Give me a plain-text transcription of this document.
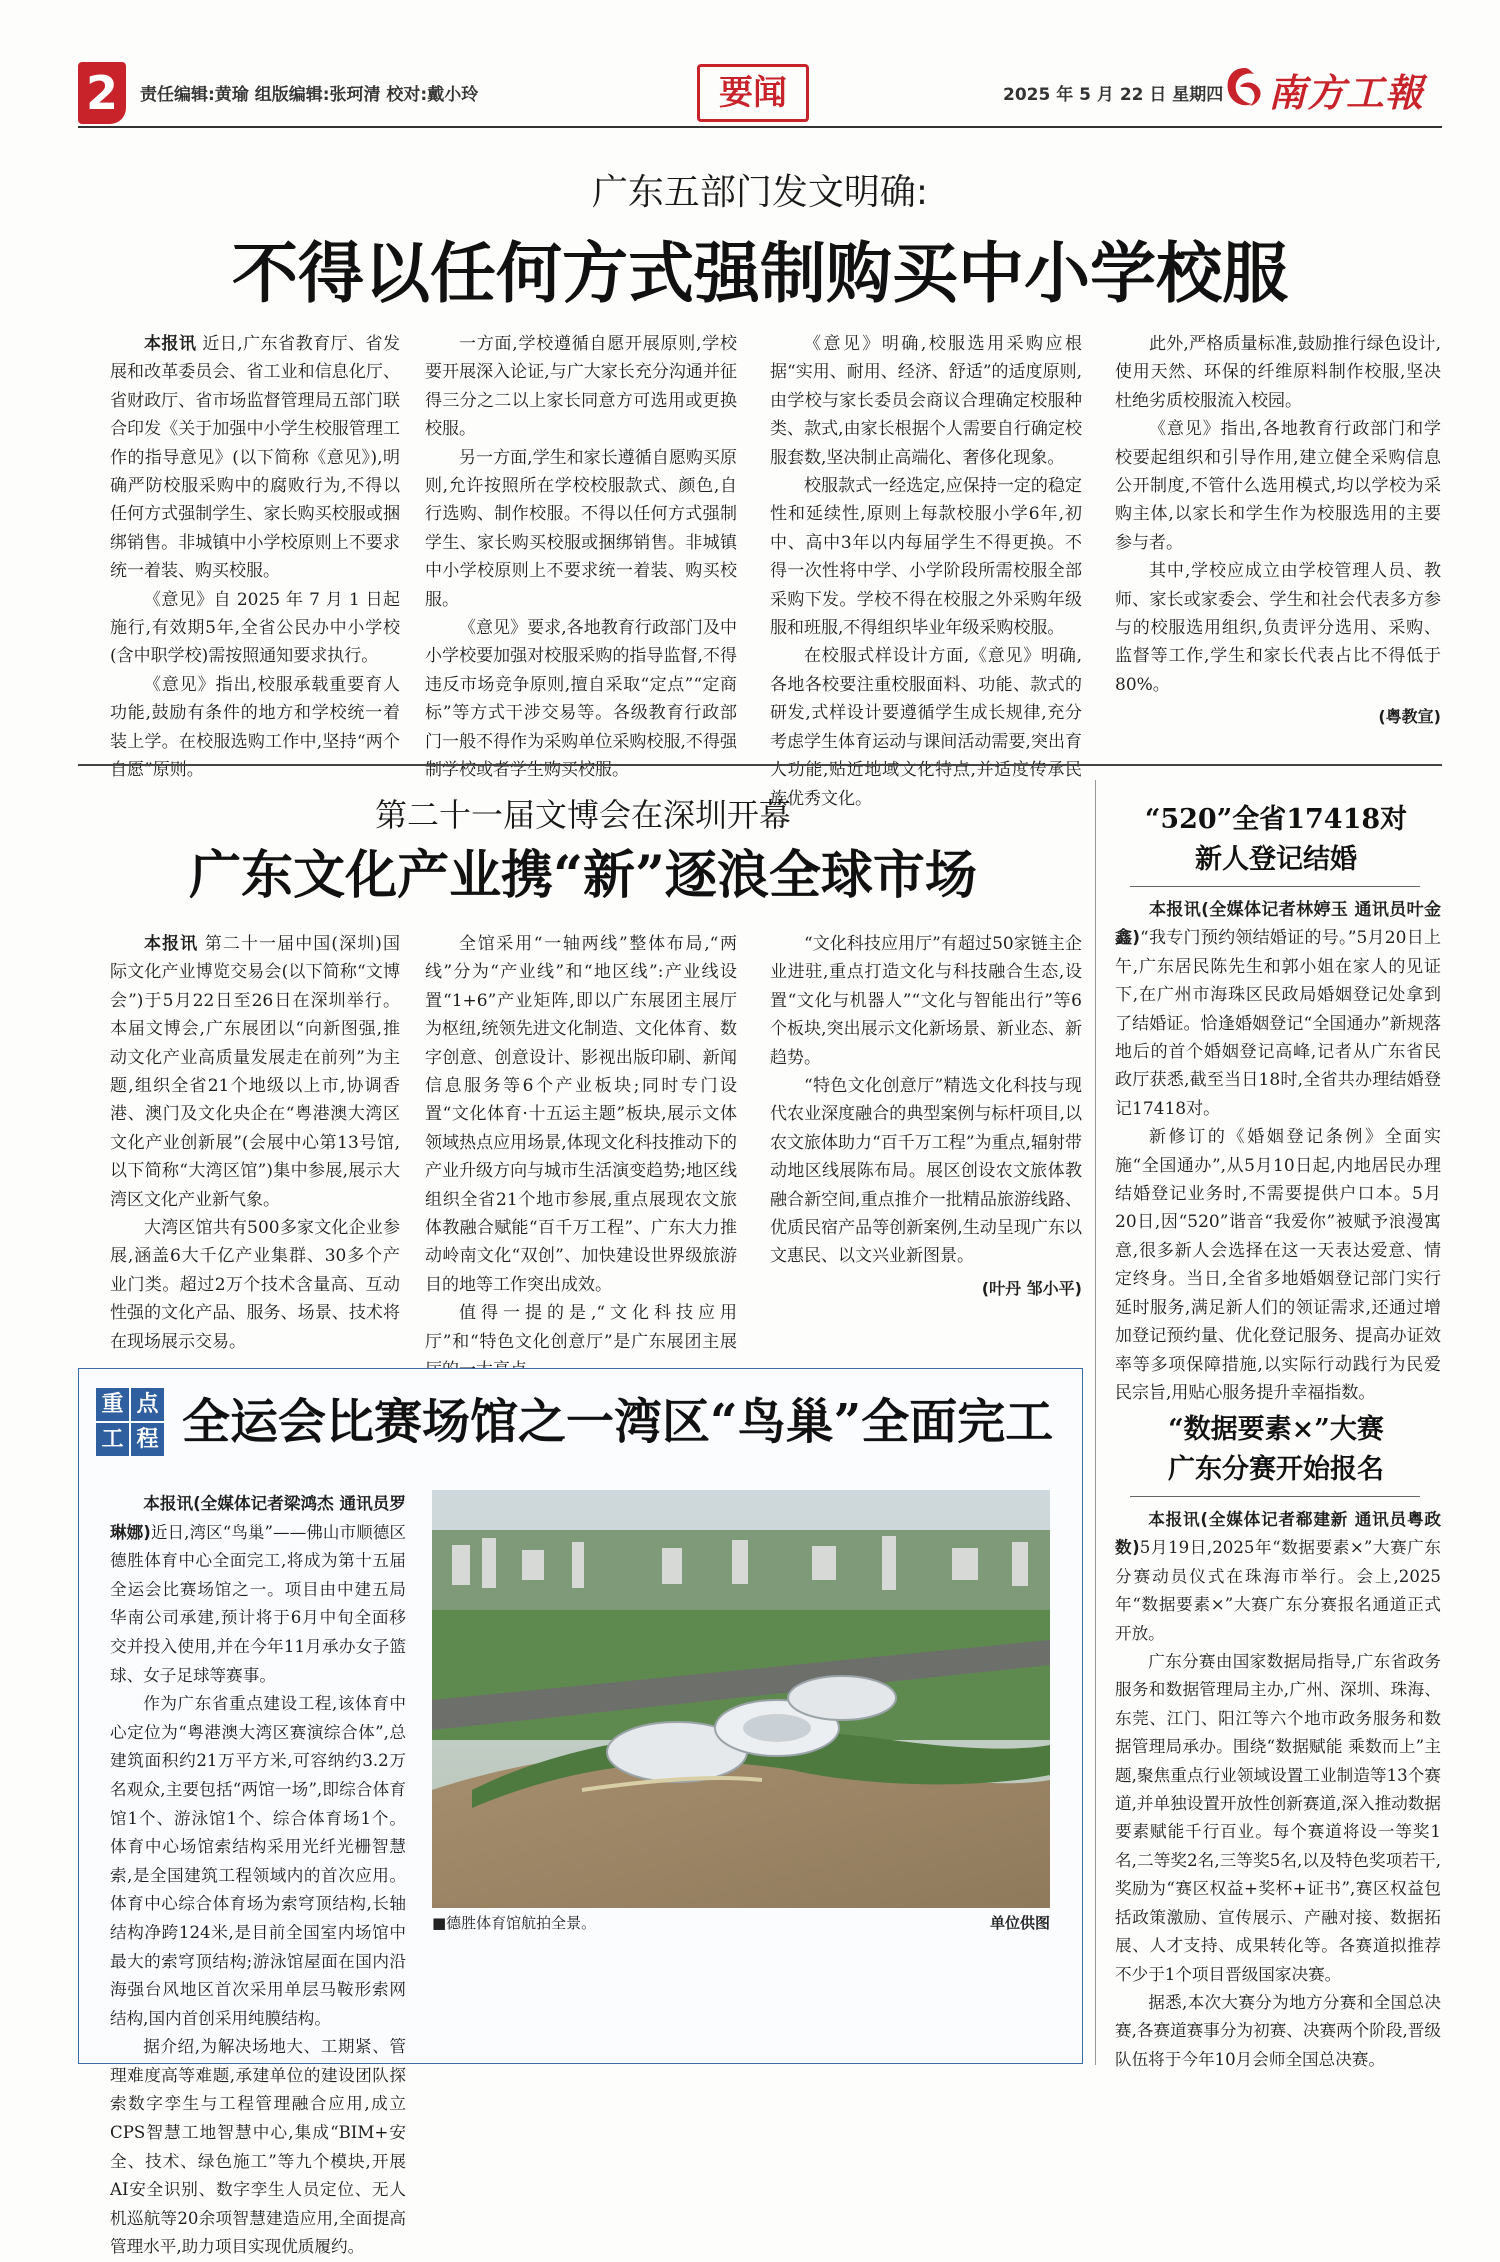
2	责任编辑:黄瑜 组版编辑:张珂清 校对:戴小玲	要闻	2025 年 5 月 22 日 星期四 南方工報
广东五部门发文明确:
不得以任何方式强制购买中小学校服

本报讯 近日,广东省教育厅、省发展和改革委员会、省工业和信息化厅、省财政厅、省市场监督管理局五部门联合印发《关于加强中小学生校服管理工作的指导意见》(以下简称《意见》),明确严防校服采购中的腐败行为,不得以任何方式强制学生、家长购买校服或捆绑销售。非城镇中小学校原则上不要求统一着装、购买校服。

《意见》自 2025 年 7 月 1 日起施行,有效期5年,全省公民办中小学校(含中职学校)需按照通知要求执行。

《意见》指出,校服承载重要育人功能,鼓励有条件的地方和学校统一着装上学。在校服选购工作中,坚持“两个自愿”原则。

一方面,学校遵循自愿开展原则,学校要开展深入论证,与广大家长充分沟通并征得三分之二以上家长同意方可选用或更换校服。

另一方面,学生和家长遵循自愿购买原则,允许按照所在学校校服款式、颜色,自行选购、制作校服。不得以任何方式强制学生、家长购买校服或捆绑销售。非城镇中小学校原则上不要求统一着装、购买校服。

《意见》要求,各地教育行政部门及中小学校要加强对校服采购的指导监督,不得违反市场竞争原则,擅自采取“定点”“定商标”等方式干涉交易等。各级教育行政部门一般不得作为采购单位采购校服,不得强制学校或者学生购买校服。

《意见》明确,校服选用采购应根据“实用、耐用、经济、舒适”的适度原则,由学校与家长委员会商议合理确定校服种类、款式,由家长根据个人需要自行确定校服套数,坚决制止高端化、奢侈化现象。

校服款式一经选定,应保持一定的稳定性和延续性,原则上每款校服小学6年,初中、高中3年以内每届学生不得更换。不得一次性将中学、小学阶段所需校服全部采购下发。学校不得在校服之外采购年级服和班服,不得组织毕业年级采购校服。

在校服式样设计方面,《意见》明确,各地各校要注重校服面料、功能、款式的研发,式样设计要遵循学生成长规律,充分考虑学生体育运动与课间活动需要,突出育人功能,贴近地域文化特点,并适度传承民族优秀文化。

此外,严格质量标准,鼓励推行绿色设计,使用天然、环保的纤维原料制作校服,坚决杜绝劣质校服流入校园。

《意见》指出,各地教育行政部门和学校要起组织和引导作用,建立健全采购信息公开制度,不管什么选用模式,均以学校为采购主体,以家长和学生作为校服选用的主要参与者。

其中,学校应成立由学校管理人员、教师、家长或家委会、学生和社会代表多方参与的校服选用组织,负责评分选用、采购、监督等工作,学生和家长代表占比不得低于80%。

(粤教宣)
第二十一届文博会在深圳开幕
广东文化产业携“新”逐浪全球市场

本报讯 第二十一届中国(深圳)国际文化产业博览交易会(以下简称“文博会”)于5月22日至26日在深圳举行。本届文博会,广东展团以“向新图强,推动文化产业高质量发展走在前列”为主题,组织全省21个地级以上市,协调香港、澳门及文化央企在“粤港澳大湾区文化产业创新展”(会展中心第13号馆,以下简称“大湾区馆”)集中参展,展示大湾区文化产业新气象。

大湾区馆共有500多家文化企业参展,涵盖6大千亿产业集群、30多个产业门类。超过2万个技术含量高、互动性强的文化产品、服务、场景、技术将在现场展示交易。

全馆采用“一轴两线”整体布局,“两线”分为“产业线”和“地区线”:产业线设置“1+6”产业矩阵,即以广东展团主展厅为枢纽,统领先进文化制造、文化体育、数字创意、创意设计、影视出版印刷、新闻信息服务等6个产业板块;同时专门设置“文化体育·十五运主题”板块,展示文体领域热点应用场景,体现文化科技推动下的产业升级方向与城市生活演变趋势;地区线组织全省21个地市参展,重点展现农文旅体教融合赋能“百千万工程”、广东大力推动岭南文化“双创”、加快建设世界级旅游目的地等工作突出成效。

值得一提的是,“文化科技应用厅”和“特色文化创意厅”是广东展团主展

“文化科技应用厅”有超过50家链主企业进驻,重点打造文化与科技融合生态,设置“文化与机器人”“文化与智能出行”等6个板块,突出展示文化新场景、新业态、新趋势。

“特色文化创意厅”精选文化科技与现代农业深度融合的典型案例与标杆项目,以农文旅体助力“百千万工程”为重点,辐射带动地区线展陈布局。展区创设农文旅体教融合新空间,重点推介一批精品旅游线路、优质民宿产品等创新案例,生动呈现广东以文惠民、以文兴业新图景。

(叶丹 邹小平)
“520”全省17418对
新人登记结婚

本报讯(全媒体记者林婷玉 通讯员叶金鑫)“我专门预约领结婚证的号。”5月20日上午,广东居民陈先生和郭小姐在家人的见证下,在广州市海珠区民政局婚姻登记处拿到了结婚证。恰逢婚姻登记“全国通办”新规落地后的首个婚姻登记高峰,记者从广东省民政厅获悉,截至当日18时,全省共办理结婚登记17418对。

新修订的《婚姻登记条例》全面实施“全国通办”,从5月10日起,内地居民办理结婚登记业务时,不需要提供户口本。5月20日,因“520”谐音“我爱你”被赋予浪漫寓意,很多新人会选择在这一天表达爱意、情定终身。当日,全省多地婚姻登记部门实行延时服务,满足新人们的领证需求,还通过增加登记预约量、优化登记服务、提高办证效率等多项保障措施,以实际行动践行为民爱民宗旨,用贴心服务提升幸福指数。

“数据要素×”大赛
广东分赛开始报名

本报讯(全媒体记者郗建新 通讯员粤政数)5月19日,2025年“数据要素×”大赛广东分赛动员仪式在珠海市举行。会上,2025年“数据要素×”大赛广东分赛报名通道正式开放。

广东分赛由国家数据局指导,广东省政务服务和数据管理局主办,广州、深圳、珠海、东莞、江门、阳江等六个地市政务服务和数据管理局承办。围绕“数据赋能 乘数而上”主题,聚焦重点行业领域设置工业制造等13个赛道,并单独设置开放性创新赛道,深入推动数据要素赋能千行百业。每个赛道将设一等奖1名,二等奖2名,三等奖5名,以及特色奖项若干,奖励为“赛区权益+奖杯+证书”,赛区权益包括政策激励、宣传展示、产融对接、数据拓展、人才支持、成果转化等。各赛道拟推荐不少于1个项目晋级国家决赛。

据悉,本次大赛分为地方分赛和全国总决赛,各赛道赛事分为初赛、决赛两个阶段,晋级队伍将于今年10月会师全国总决赛。

重 点
工 程 全运会比赛场馆之一湾区“鸟巢”全面完工

本报讯(全媒体记者梁鸿杰 通讯员罗琳娜)近日,湾区“鸟巢”——佛山市顺德区德胜体育中心全面完工,将成为第十五届全运会比赛场馆之一。项目由中建五局华南公司承建,预计将于6月中旬全面移交并投入使用,并在今年11月承办女子篮球、女子足球等赛事。

作为广东省重点建设工程,该体育中心定位为“粤港澳大湾区赛演综合体”,总建筑面积约21万平方米,可容纳约3.2万名观众,主要包括“两馆一场”,即综合体育馆1个、游泳馆1个、综合体育场1个。体育中心场馆索结构采用光纤光栅智慧索,是全国建筑工程领域内的首次应用。体育中心综合体育场为索穹顶结构,长轴结构净跨124米,是目前全国室内场馆中最大的索穹顶结构;游泳馆屋面在国内沿海强台风地区首次采用单层马鞍形索网结构,国内首创采用纯膜结构。

据介绍,为解决场地大、工期紧、管理难度高等难题,承建单位的建设团队探索数字孪生与工程管理融合应用,成立CPS智慧工地智慧中心,集成“BIM+安全、技术、绿色施工”等九个模块,开展AI安全识别、数字孪生人员定位、无人机巡航等20余项智慧建造应用,全面提高管理水平,助力项目实现优质履约。

■德胜体育馆航拍全景。	单位供图
